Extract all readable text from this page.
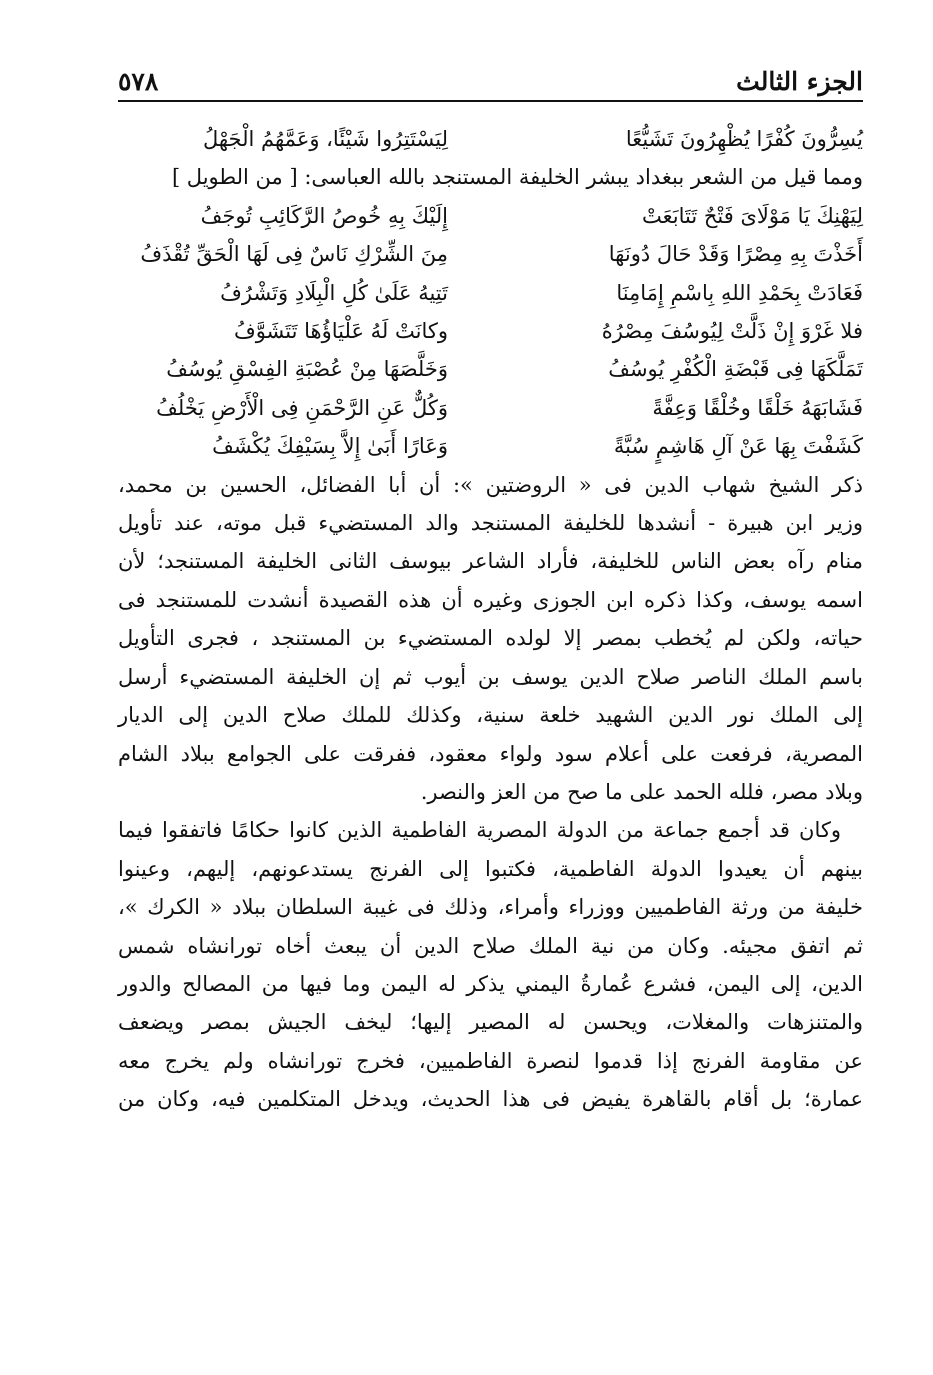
الجزء الثالث
٥٧٨
يُسِرُّونَ كُفْرًا يُظْهِرُونَ تَشَيُّعًا
لِيَسْتَتِرُوا شَيْئًا، وَعَمَّهُمُ الْجَهْلُ
ومما قيل من الشعر ببغداد يبشر الخليفة المستنجد بالله العباسى: [ من الطويل ]
لِيَهْنِكَ يَا مَوْلَاىَ فَتْحٌ تَتَابَعَتْ
إِلَيْكَ بِهِ خُوصُ الرَّكَائِبِ تُوجَفُ
أَخَذْتَ بِهِ مِصْرًا وَقَدْ حَالَ دُونَهَا
مِنَ الشِّرْكِ نَاسٌ فِى لَهَا الْحَقِّ تُقْذَفُ
فَعَادَتْ بِحَمْدِ اللهِ بِاسْمِ إِمَامِنَا
تَتِيهُ عَلَىٰ كُلِ الْبِلَادِ وَتَشْرُفُ
فلا غَرْوَ إِنْ ذَلَّتْ لِيُوسُفَ مِصْرُهُ
وكانَتْ لَهُ عَلْيَاؤُهَا تَتَشَوَّفُ
تَمَلَّكَهَا فِى قَبْضَةِ الْكُفْرِ يُوسُفُ
وَخَلَّصَهَا مِنْ عُصْبَةِ الفِسْقِ يُوسُفُ
فَشَابَهَهُ خَلْقًا وخُلْقًا وَعِفَّةً
وَكُلٌّ عَنِ الرَّحْمَنِ فِى الْأَرْضِ يَخْلُفُ
كَشَفْتَ بِهَا عَنْ آلِ هَاشِمٍ سُبَّةً
وَعَارًا أَبَىٰ إِلاَّ بِسَيْفِكَ يُكْشَفُ
ذكر الشيخ شهاب الدين فى « الروضتين »: أن أبا الفضائل، الحسين بن محمد،
وزير ابن هبيرة - أنشدها للخليفة المستنجد والد المستضيء قبل موته، عند تأويل
منام رآه بعض الناس للخليفة، فأراد الشاعر بيوسف الثانى الخليفة المستنجد؛ لأن
اسمه يوسف، وكذا ذكره ابن الجوزى وغيره أن هذه القصيدة أنشدت للمستنجد فى
حياته، ولكن لم يُخطب بمصر إلا لولده المستضيء بن المستنجد ، فجرى التأويل
باسم الملك الناصر صلاح الدين يوسف بن أيوب ثم إن الخليفة المستضيء أرسل
إلى الملك نور الدين الشهيد خلعة سنية، وكذلك للملك صلاح الدين إلى الديار
المصرية، فرفعت على أعلام سود ولواء معقود، ففرقت على الجوامع ببلاد الشام
وبلاد مصر، فلله الحمد على ما صح من العز والنصر.
وكان قد أجمع جماعة من الدولة المصرية الفاطمية الذين كانوا حكامًا فاتفقوا فيما
بينهم أن يعيدوا الدولة الفاطمية، فكتبوا إلى الفرنج يستدعونهم، إليهم، وعينوا
خليفة من ورثة الفاطميين ووزراء وأمراء، وذلك فى غيبة السلطان ببلاد « الكرك »،
ثم اتفق مجيئه. وكان من نية الملك صلاح الدين أن يبعث أخاه تورانشاه شمس
الدين، إلى اليمن، فشرع عُمارةُ اليمني يذكر له اليمن وما فيها من المصالح والدور
والمتنزهات والمغلات، ويحسن له المصير إليها؛ ليخف الجيش بمصر ويضعف
عن مقاومة الفرنج إذا قدموا لنصرة الفاطميين، فخرج تورانشاه ولم يخرج معه
عمارة؛ بل أقام بالقاهرة يفيض فى هذا الحديث، ويدخل المتكلمين فيه، وكان من
